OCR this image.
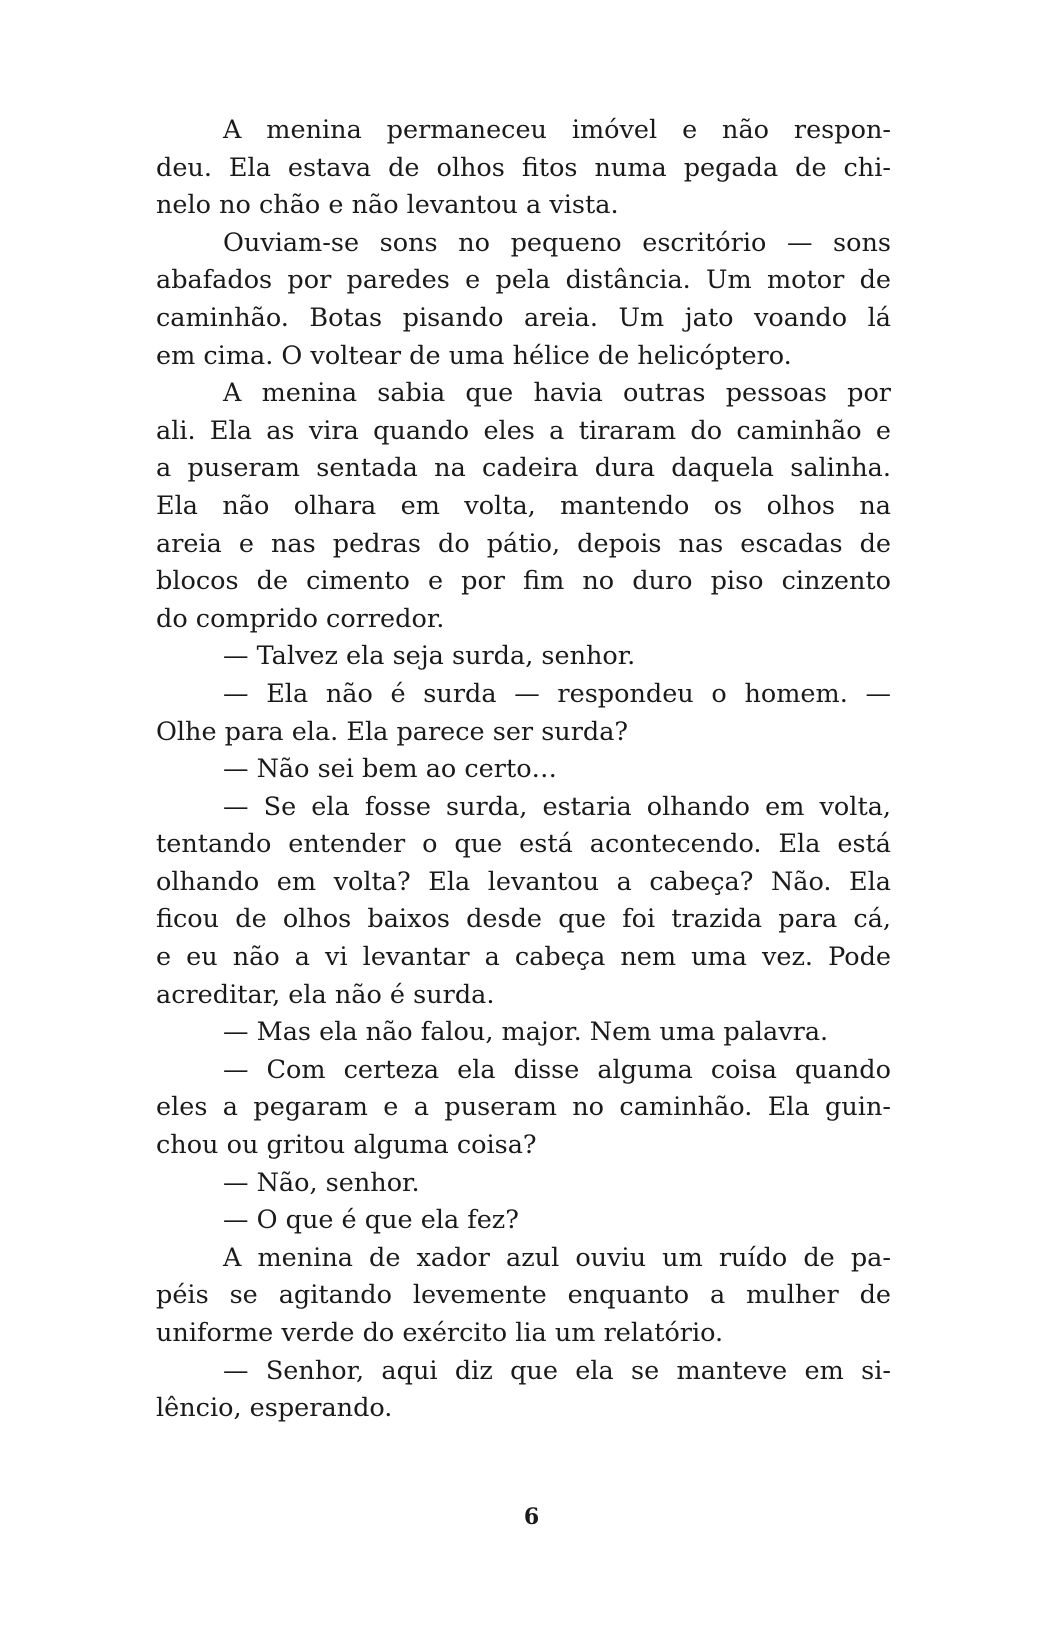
A menina permaneceu imóvel e não respon-
deu. Ela estava de olhos fitos numa pegada de chi-
nelo no chão e não levantou a vista.
Ouviam-se sons no pequeno escritório — sons
abafados por paredes e pela distância. Um motor de
caminhão. Botas pisando areia. Um jato voando lá
em cima. O voltear de uma hélice de helicóptero.
A menina sabia que havia outras pessoas por
ali. Ela as vira quando eles a tiraram do caminhão e
a puseram sentada na cadeira dura daquela salinha.
Ela não olhara em volta, mantendo os olhos na
areia e nas pedras do pátio, depois nas escadas de
blocos de cimento e por fim no duro piso cinzento
do comprido corredor.
— Talvez ela seja surda, senhor.
— Ela não é surda — respondeu o homem. —
Olhe para ela. Ela parece ser surda?
— Não sei bem ao certo…
— Se ela fosse surda, estaria olhando em volta,
tentando entender o que está acontecendo. Ela está
olhando em volta? Ela levantou a cabeça? Não. Ela
ficou de olhos baixos desde que foi trazida para cá,
e eu não a vi levantar a cabeça nem uma vez. Pode
acreditar, ela não é surda.
— Mas ela não falou, major. Nem uma palavra.
— Com certeza ela disse alguma coisa quando
eles a pegaram e a puseram no caminhão. Ela guin-
chou ou gritou alguma coisa?
— Não, senhor.
— O que é que ela fez?
A menina de xador azul ouviu um ruído de pa-
péis se agitando levemente enquanto a mulher de
uniforme verde do exército lia um relatório.
— Senhor, aqui diz que ela se manteve em si-
lêncio, esperando.
6
